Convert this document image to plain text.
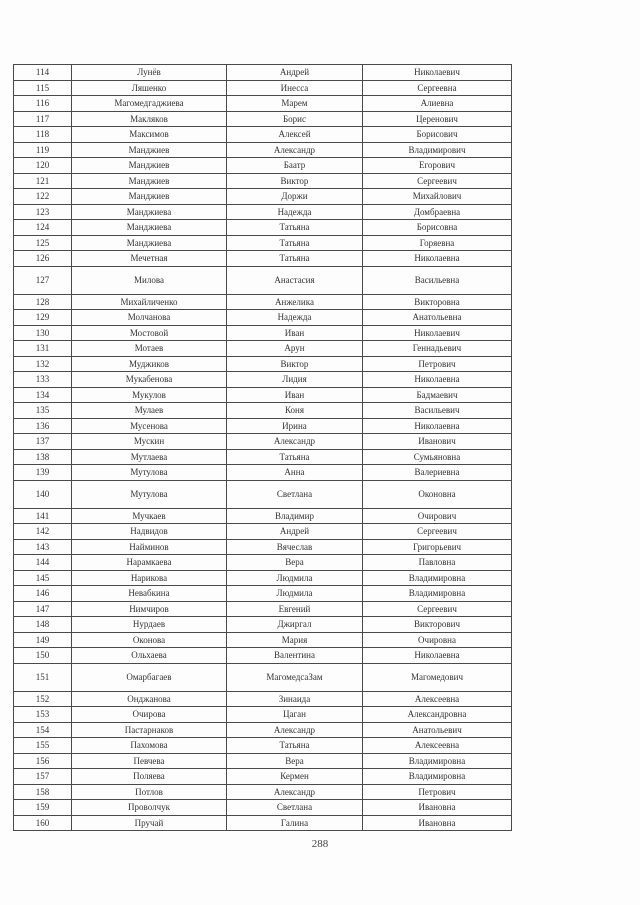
114	Лунёв	Андрей	Николаевич
115	Ляшенко	Инесса	Сергеевна
116	Магомедгаджиева	Марем	Алиевна
117	Макляков	Борис	Церенович
118	Максимов	Алексей	Борисович
119	Манджиев	Александр	Владимирович
120	Манджиев	Баатр	Егорович
121	Манджиев	Виктор	Сергеевич
122	Манджиев	Доржи	Михайлович
123	Манджиева	Надежда	Домбраевна
124	Манджиева	Татьяна	Борисовна
125	Манджиева	Татьяна	Горяевна
126	Мечетная	Татьяна	Николаевна
127	Милова	Анастасия	Васильевна
128	Михайличенко	Анжелика	Викторовна
129	Молчанова	Надежда	Анатольевна
130	Мостовой	Иван	Николаевич
131	Мотаев	Арун	Геннадьевич
132	Муджиков	Виктор	Петрович
133	Мукабенова	Лидия	Николаевна
134	Мукулов	Иван	Бадмаевич
135	Мулаев	Коня	Васильевич
136	Мусенова	Ирина	Николаевна
137	Мускин	Александр	Иванович
138	Мутлаева	Татьяна	Сумьяновна
139	Мутулова	Анна	Валериевна
140	Мутулова	Светлана	Оконовна
141	Мучкаев	Владимир	Очирович
142	Надвидов	Андрей	Сергеевич
143	Найминов	Вячеслав	Григорьевич
144	Нарамкаева	Вера	Павловна
145	Нарикова	Людмила	Владимировна
146	Невабкина	Людмила	Владимировна
147	Нимчиров	Евгений	Сергеевич
148	Нурдаев	Джиргал	Викторович
149	Оконова	Мария	Очировна
150	Ольхаева	Валентина	Николаевна
151	Омарбагаев	МагомедсаЗам	Магомедович
152	Онджанова	Зинаида	Алексеевна
153	Очирова	Цаган	Александровна
154	Пастарнаков	Александр	Анатольевич
155	Пахомова	Татьяна	Алексеевна
156	Певчева	Вера	Владимировна
157	Поляева	Кермен	Владимировна
158	Потлов	Александр	Петрович
159	Проволчук	Светлана	Ивановна
160	Пручай	Галина	Ивановна
288
